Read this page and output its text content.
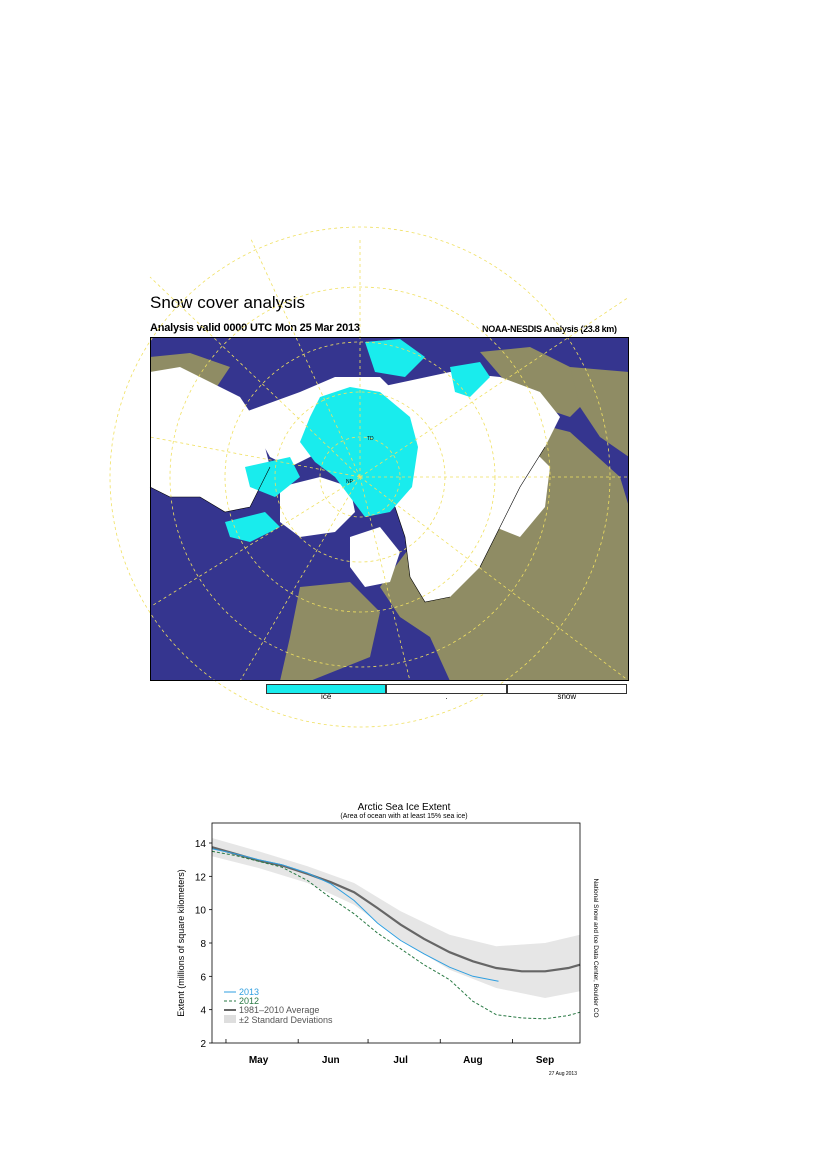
Snow cover analysis
Analysis valid 0000 UTC Mon 25 Mar 2013	NOAA-NESDIS Analysis (23.8 km)
TD
NP
ice	.	snow
Arctic Sea Ice Extent
(Area of ocean with at least 15% sea ice)
Extent (millions of square kilometers)	National Snow and Ice Data Center, Boulder CO
27 Aug 2013
2
4
6
8
10
12
14
May	Jun	Jul	Aug	Sep
2013
2012
1981–2010 Average
±2 Standard Deviations
